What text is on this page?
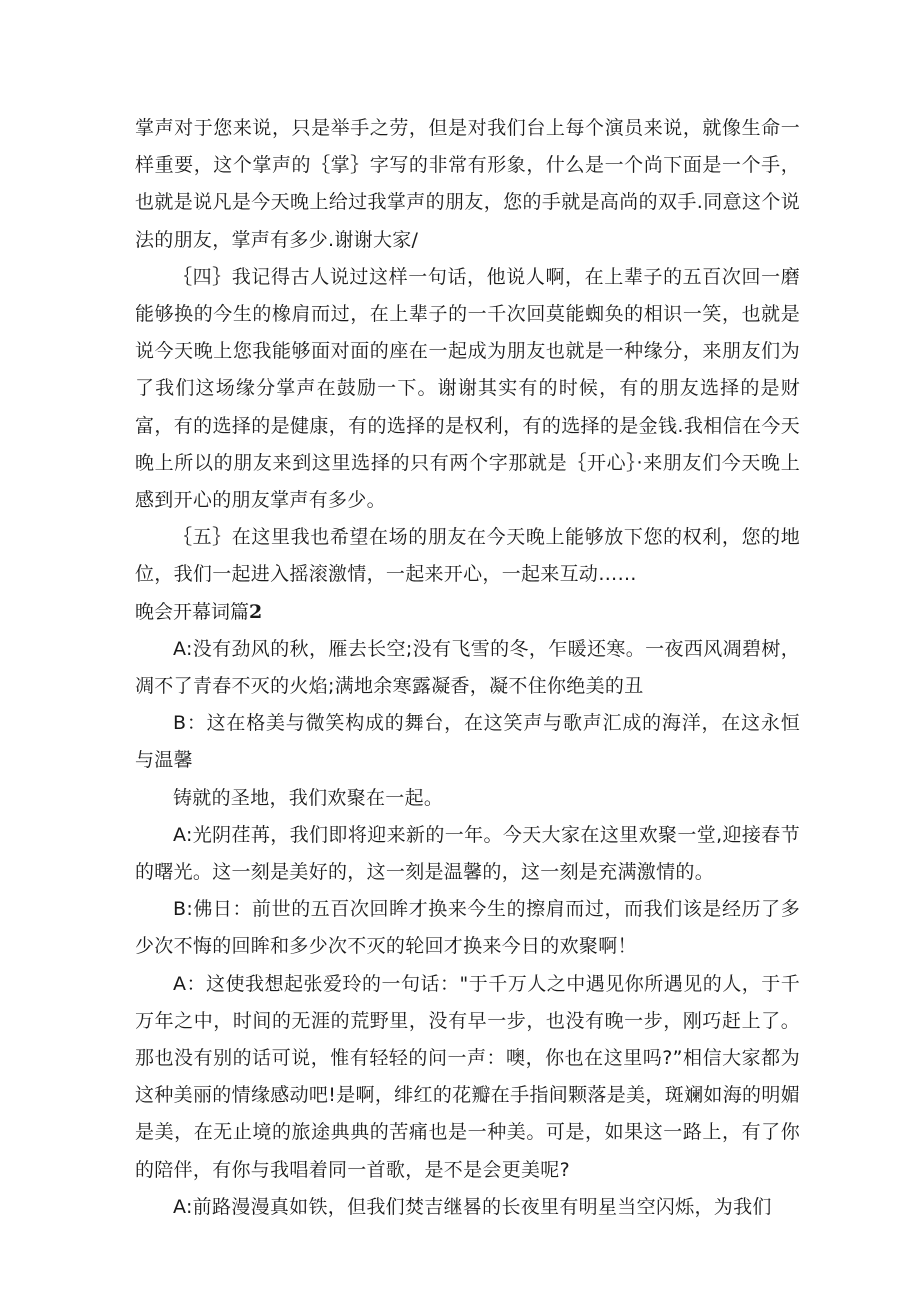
掌声对于您来说，只是举手之劳，但是对我们台上每个演员来说，就像生命一样重要，这个掌声的｛掌｝字写的非常有形象，什么是一个尚下面是一个手，也就是说凡是今天晚上给过我掌声的朋友，您的手就是高尚的双手.同意这个说法的朋友，掌声有多少.谢谢大家/

｛四｝我记得古人说过这样一句话，他说人啊，在上辈子的五百次回一磨能够换的今生的橡肩而过，在上辈子的一千次回莫能蜘奂的相识一笑，也就是说今天晚上您我能够面对面的座在一起成为朋友也就是一种缘分，来朋友们为了我们这场缘分掌声在鼓励一下。谢谢其实有的时候，有的朋友选择的是财富，有的选择的是健康，有的选择的是权利，有的选择的是金钱.我相信在今天晚上所以的朋友来到这里选择的只有两个字那就是｛开心｝·来朋友们今天晚上感到开心的朋友掌声有多少。

｛五｝在这里我也希望在场的朋友在今天晚上能够放下您的权利，您的地位，我们一起进入摇滚激情，一起来开心，一起来互动……

晚会开幕词篇2

A:没有劲风的秋，雁去长空;没有飞雪的冬，乍暖还寒。一夜西风凋碧树，凋不了青春不灭的火焰;满地余寒露凝香，凝不住你绝美的丑

B：这在格美与微笑构成的舞台，在这笑声与歌声汇成的海洋，在这永恒与温馨

铸就的圣地，我们欢聚在一起。

A:光阴荏苒，我们即将迎来新的一年。今天大家在这里欢聚一堂,迎接春节的曙光。这一刻是美好的，这一刻是温馨的，这一刻是充满激情的。

B:佛日：前世的五百次回眸才换来今生的擦肩而过，而我们该是经历了多少次不悔的回眸和多少次不灭的轮回才换来今日的欢聚啊！

A：这使我想起张爱玲的一句话："于千万人之中遇见你所遇见的人，于千万年之中，时间的无涯的荒野里，没有早一步，也没有晚一步，刚巧赶上了。那也没有别的话可说，惟有轻轻的问一声：噢，你也在这里吗?”相信大家都为这种美丽的情缘感动吧!是啊，绯红的花瓣在手指间颗落是美，斑斓如海的明媚是美，在无止境的旅途典典的苦痛也是一种美。可是，如果这一路上，有了你的陪伴，有你与我唱着同一首歌，是不是会更美呢?

A:前路漫漫真如铁，但我们焚吉继晷的长夜里有明星当空闪烁，为我们
